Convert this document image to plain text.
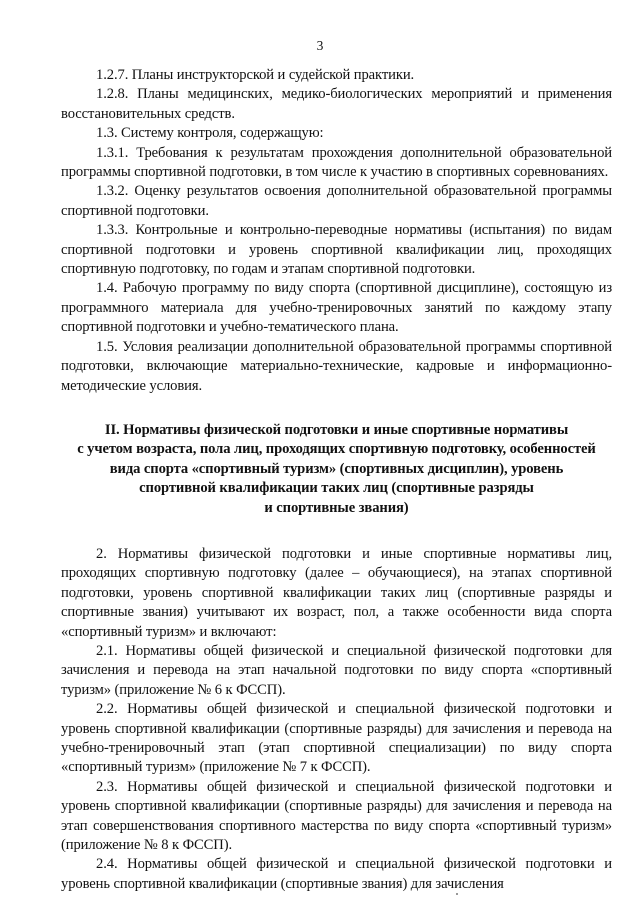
3

1.2.7. Планы инструкторской и судейской практики.

1.2.8. Планы медицинских, медико-биологических мероприятий и применения восстановительных средств.

1.3. Систему контроля, содержащую:

1.3.1. Требования к результатам прохождения дополнительной образовательной программы спортивной подготовки, в том числе к участию в спортивных соревнованиях.

1.3.2. Оценку результатов освоения дополнительной образовательной программы спортивной подготовки.

1.3.3. Контрольные и контрольно-переводные нормативы (испытания) по видам спортивной подготовки и уровень спортивной квалификации лиц, проходящих спортивную подготовку, по годам и этапам спортивной подготовки.

1.4. Рабочую программу по виду спорта (спортивной дисциплине), состоящую из программного материала для учебно-тренировочных занятий по каждому этапу спортивной подготовки и учебно-тематического плана.

1.5. Условия реализации дополнительной образовательной программы спортивной подготовки, включающие материально-технические, кадровые и информационно-методические условия.

II. Нормативы физической подготовки и иные спортивные нормативы
с учетом возраста, пола лиц, проходящих спортивную подготовку, особенностей
вида спорта «спортивный туризм» (спортивных дисциплин), уровень
спортивной квалификации таких лиц (спортивные разряды
и спортивные звания)

2. Нормативы физической подготовки и иные спортивные нормативы лиц, проходящих спортивную подготовку (далее – обучающиеся), на этапах спортивной подготовки, уровень спортивной квалификации таких лиц (спортивные разряды и спортивные звания) учитывают их возраст, пол, а также особенности вида спорта «спортивный туризм» и включают:

2.1. Нормативы общей физической и специальной физической подготовки для зачисления и перевода на этап начальной подготовки по виду спорта «спортивный туризм» (приложение № 6 к ФССП).

2.2. Нормативы общей физической и специальной физической подготовки и уровень спортивной квалификации (спортивные разряды) для зачисления и перевода на учебно-тренировочный этап (этап спортивной специализации) по виду спорта «спортивный туризм» (приложение № 7 к ФССП).

2.3. Нормативы общей физической и специальной физической подготовки и уровень спортивной квалификации (спортивные разряды) для зачисления и перевода на этап совершенствования спортивного мастерства по виду спорта «спортивный туризм» (приложение № 8 к ФССП).

2.4. Нормативы общей физической и специальной физической подготовки и уровень спортивной квалификации (спортивные звания) для зачисления
